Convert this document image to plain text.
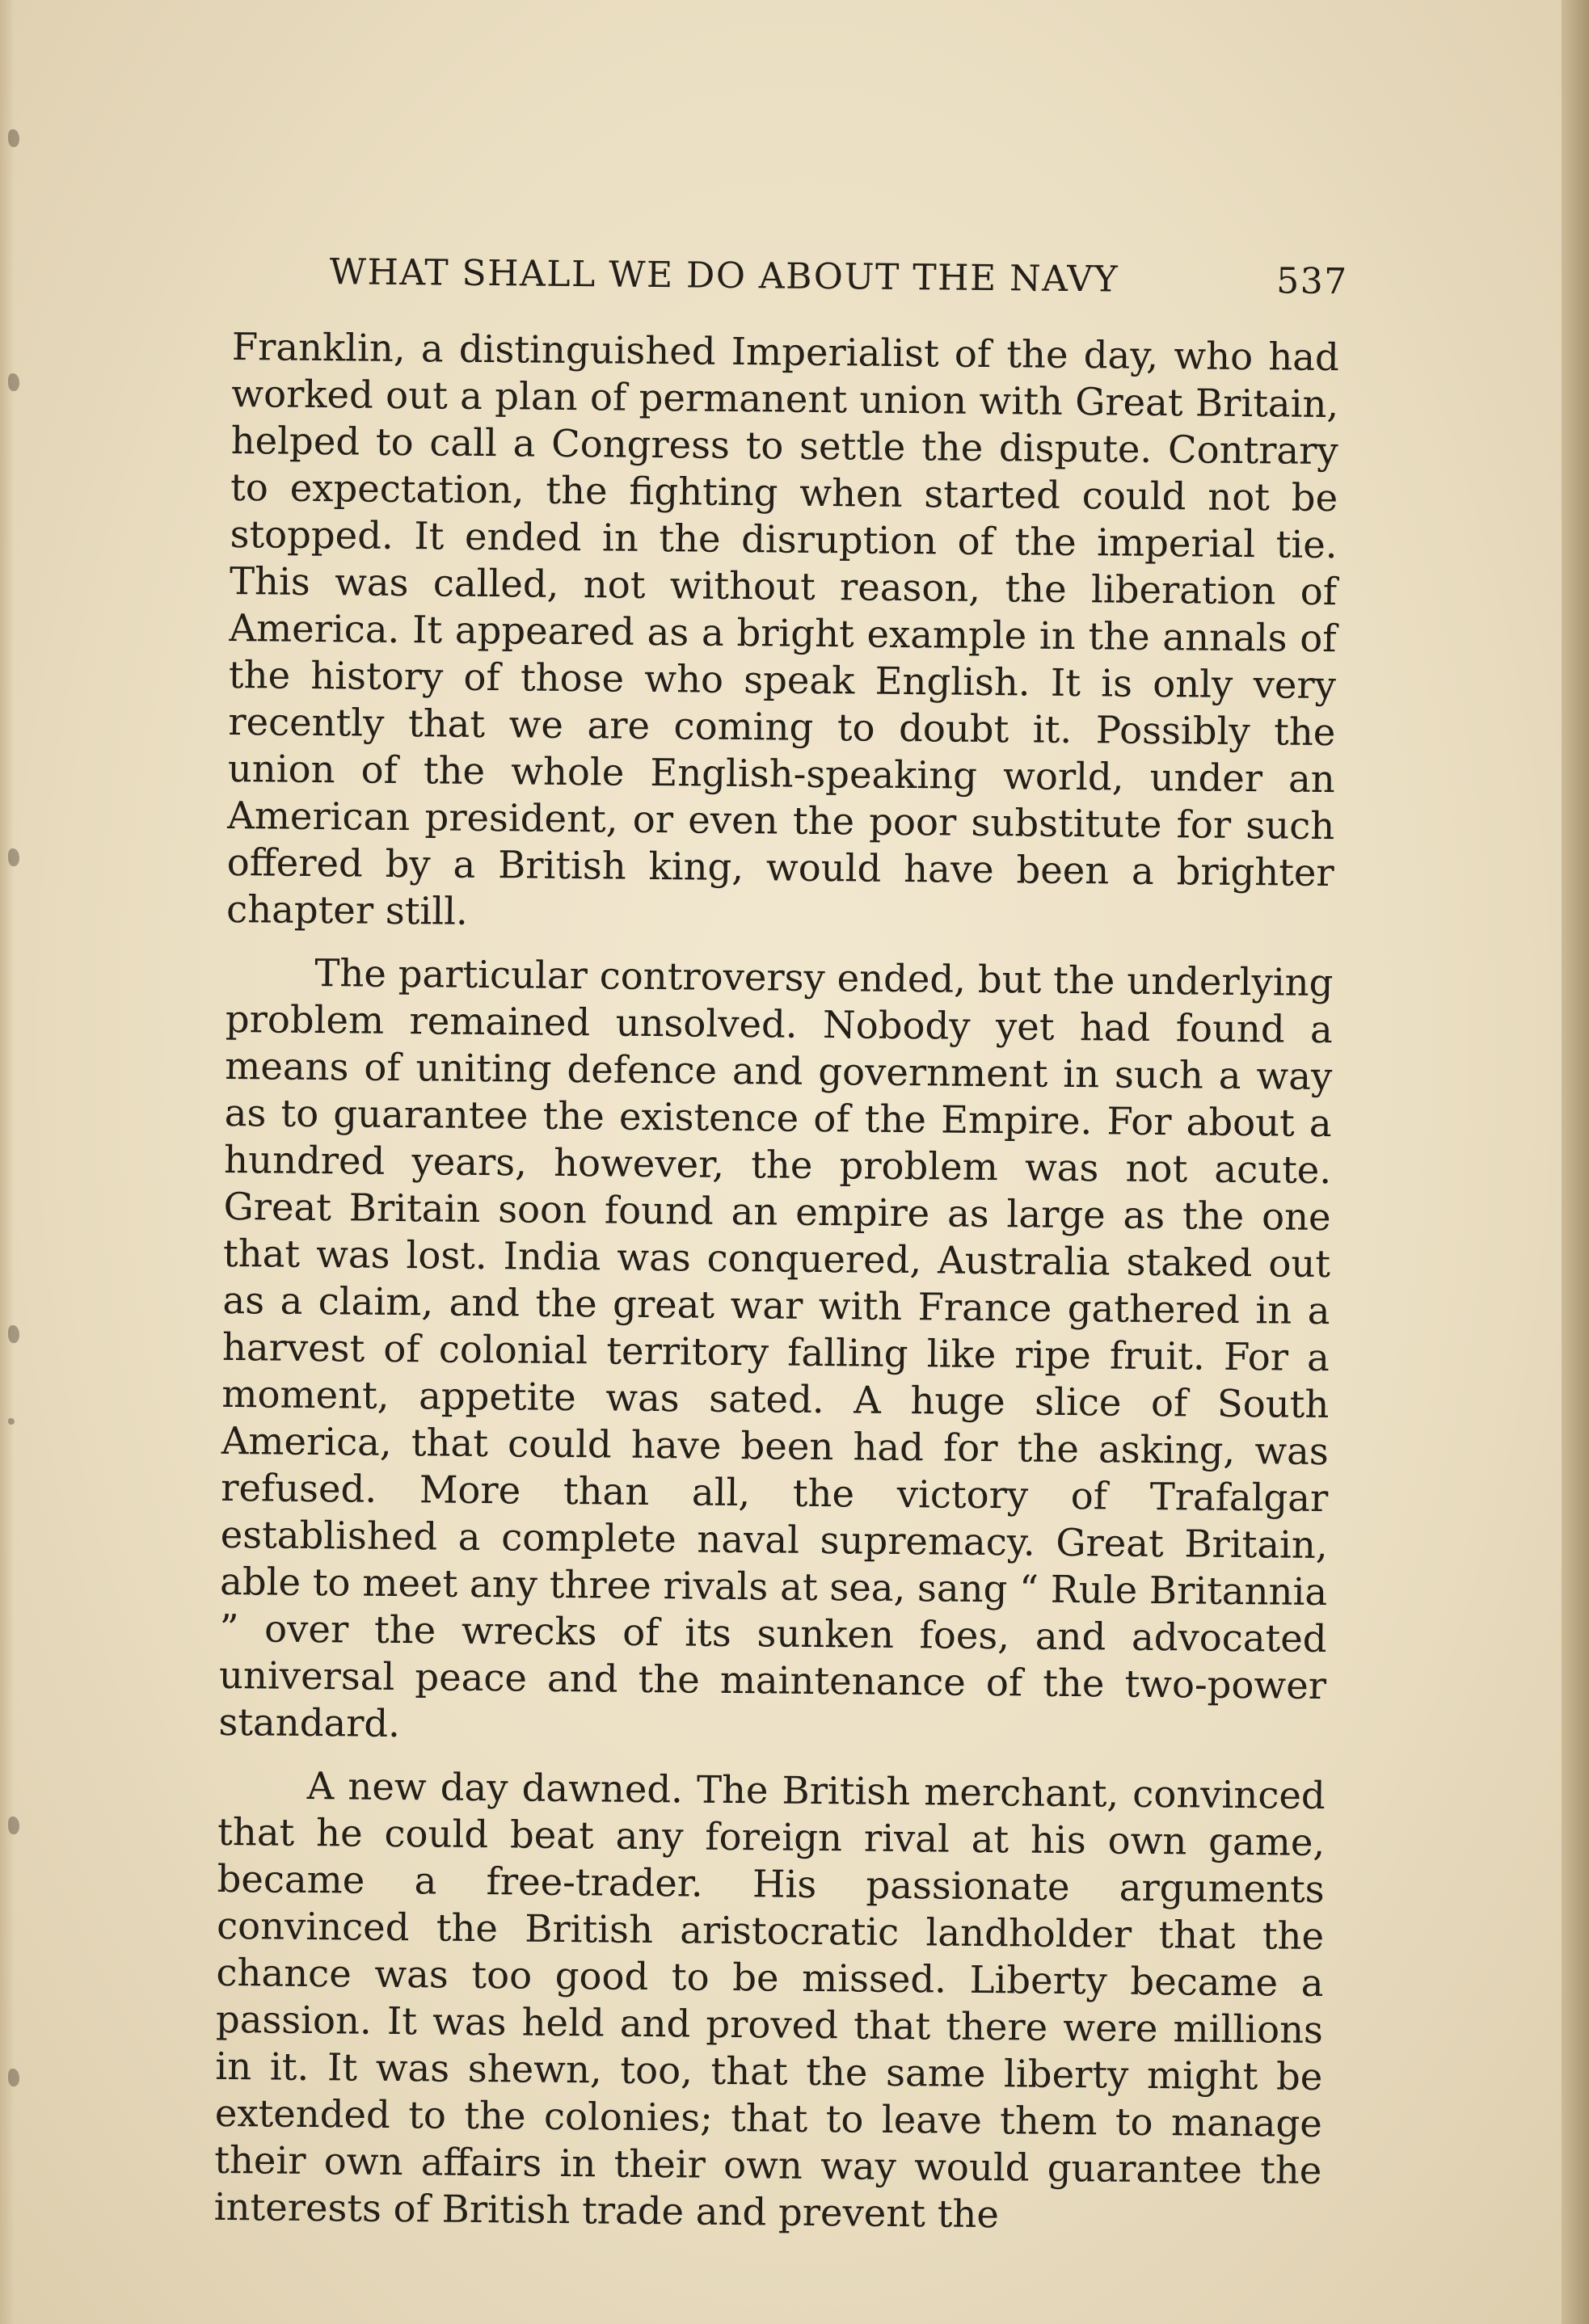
WHAT SHALL WE DO ABOUT THE NAVY	537

Franklin, a distinguished Imperialist of the day, who had worked out a plan of permanent union with Great Britain, helped to call a Congress to settle the dispute. Contrary to expectation, the fighting when started could not be stopped. It ended in the disruption of the imperial tie. This was called, not without reason, the liberation of America. It appeared as a bright example in the annals of the history of those who speak English. It is only very recently that we are coming to doubt it. Possibly the union of the whole English-speaking world, under an American president, or even the poor substitute for such offered by a British king, would have been a brighter chapter still.

The particular controversy ended, but the underlying problem remained unsolved. Nobody yet had found a means of uniting defence and government in such a way as to guarantee the existence of the Empire. For about a hundred years, however, the problem was not acute. Great Britain soon found an empire as large as the one that was lost. India was conquered, Australia staked out as a claim, and the great war with France gathered in a harvest of colonial territory falling like ripe fruit. For a moment, appetite was sated. A huge slice of South America, that could have been had for the asking, was refused. More than all, the victory of Trafalgar established a complete naval supremacy. Great Britain, able to meet any three rivals at sea, sang “ Rule Britannia ” over the wrecks of its sunken foes, and advocated universal peace and the maintenance of the two-power standard.

A new day dawned. The British merchant, convinced that he could beat any foreign rival at his own game, became a free-trader. His passionate arguments convinced the British aristocratic landholder that the chance was too good to be missed. Liberty became a passion. It was held and proved that there were millions in it. It was shewn, too, that the same liberty might be extended to the colonies; that to leave them to manage their own affairs in their own way would guarantee the interests of British trade and prevent the
